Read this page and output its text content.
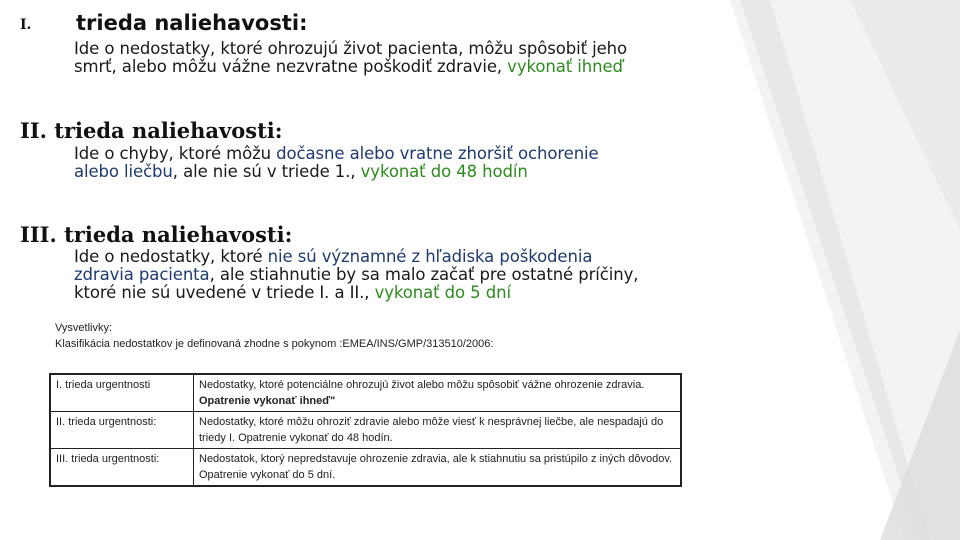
I. trieda naliehavosti:
Ide o nedostatky, ktoré ohrozujú život pacienta, môžu spôsobiť jeho
smrť, alebo môžu vážne nezvratne poškodiť zdravie, vykonať ihneď
II. trieda naliehavosti:
Ide o chyby, ktoré môžu dočasne alebo vratne zhoršiť ochorenie
alebo liečbu, ale nie sú v triede 1., vykonať do 48 hodín
III. trieda naliehavosti:
Ide o nedostatky, ktoré nie sú významné z hľadiska poškodenia
zdravia pacienta, ale stiahnutie by sa malo začať pre ostatné príčiny,
ktoré nie sú uvedené v triede I. a II., vykonať do 5 dní
Vysvetlivky:
Klasifikácia nedostatkov je definovaná zhodne s pokynom :EMEA/INS/GMP/313510/2006:
I. trieda urgentnosti	Nedostatky, ktoré potenciálne ohrozujú život alebo môžu spôsobiť vážne ohrozenie zdravia. Opatrenie vykonať ihneď"
II. trieda urgentnosti:	Nedostatky, ktoré môžu ohroziť zdravie alebo môže viesť k nesprávnej liečbe, ale nespadajú do triedy I. Opatrenie vykonať do 48 hodín.
III. trieda urgentnosti:	Nedostatok, ktorý nepredstavuje ohrozenie zdravia, ale k stiahnutiu sa pristúpilo z iných dôvodov. Opatrenie vykonať do 5 dní.
